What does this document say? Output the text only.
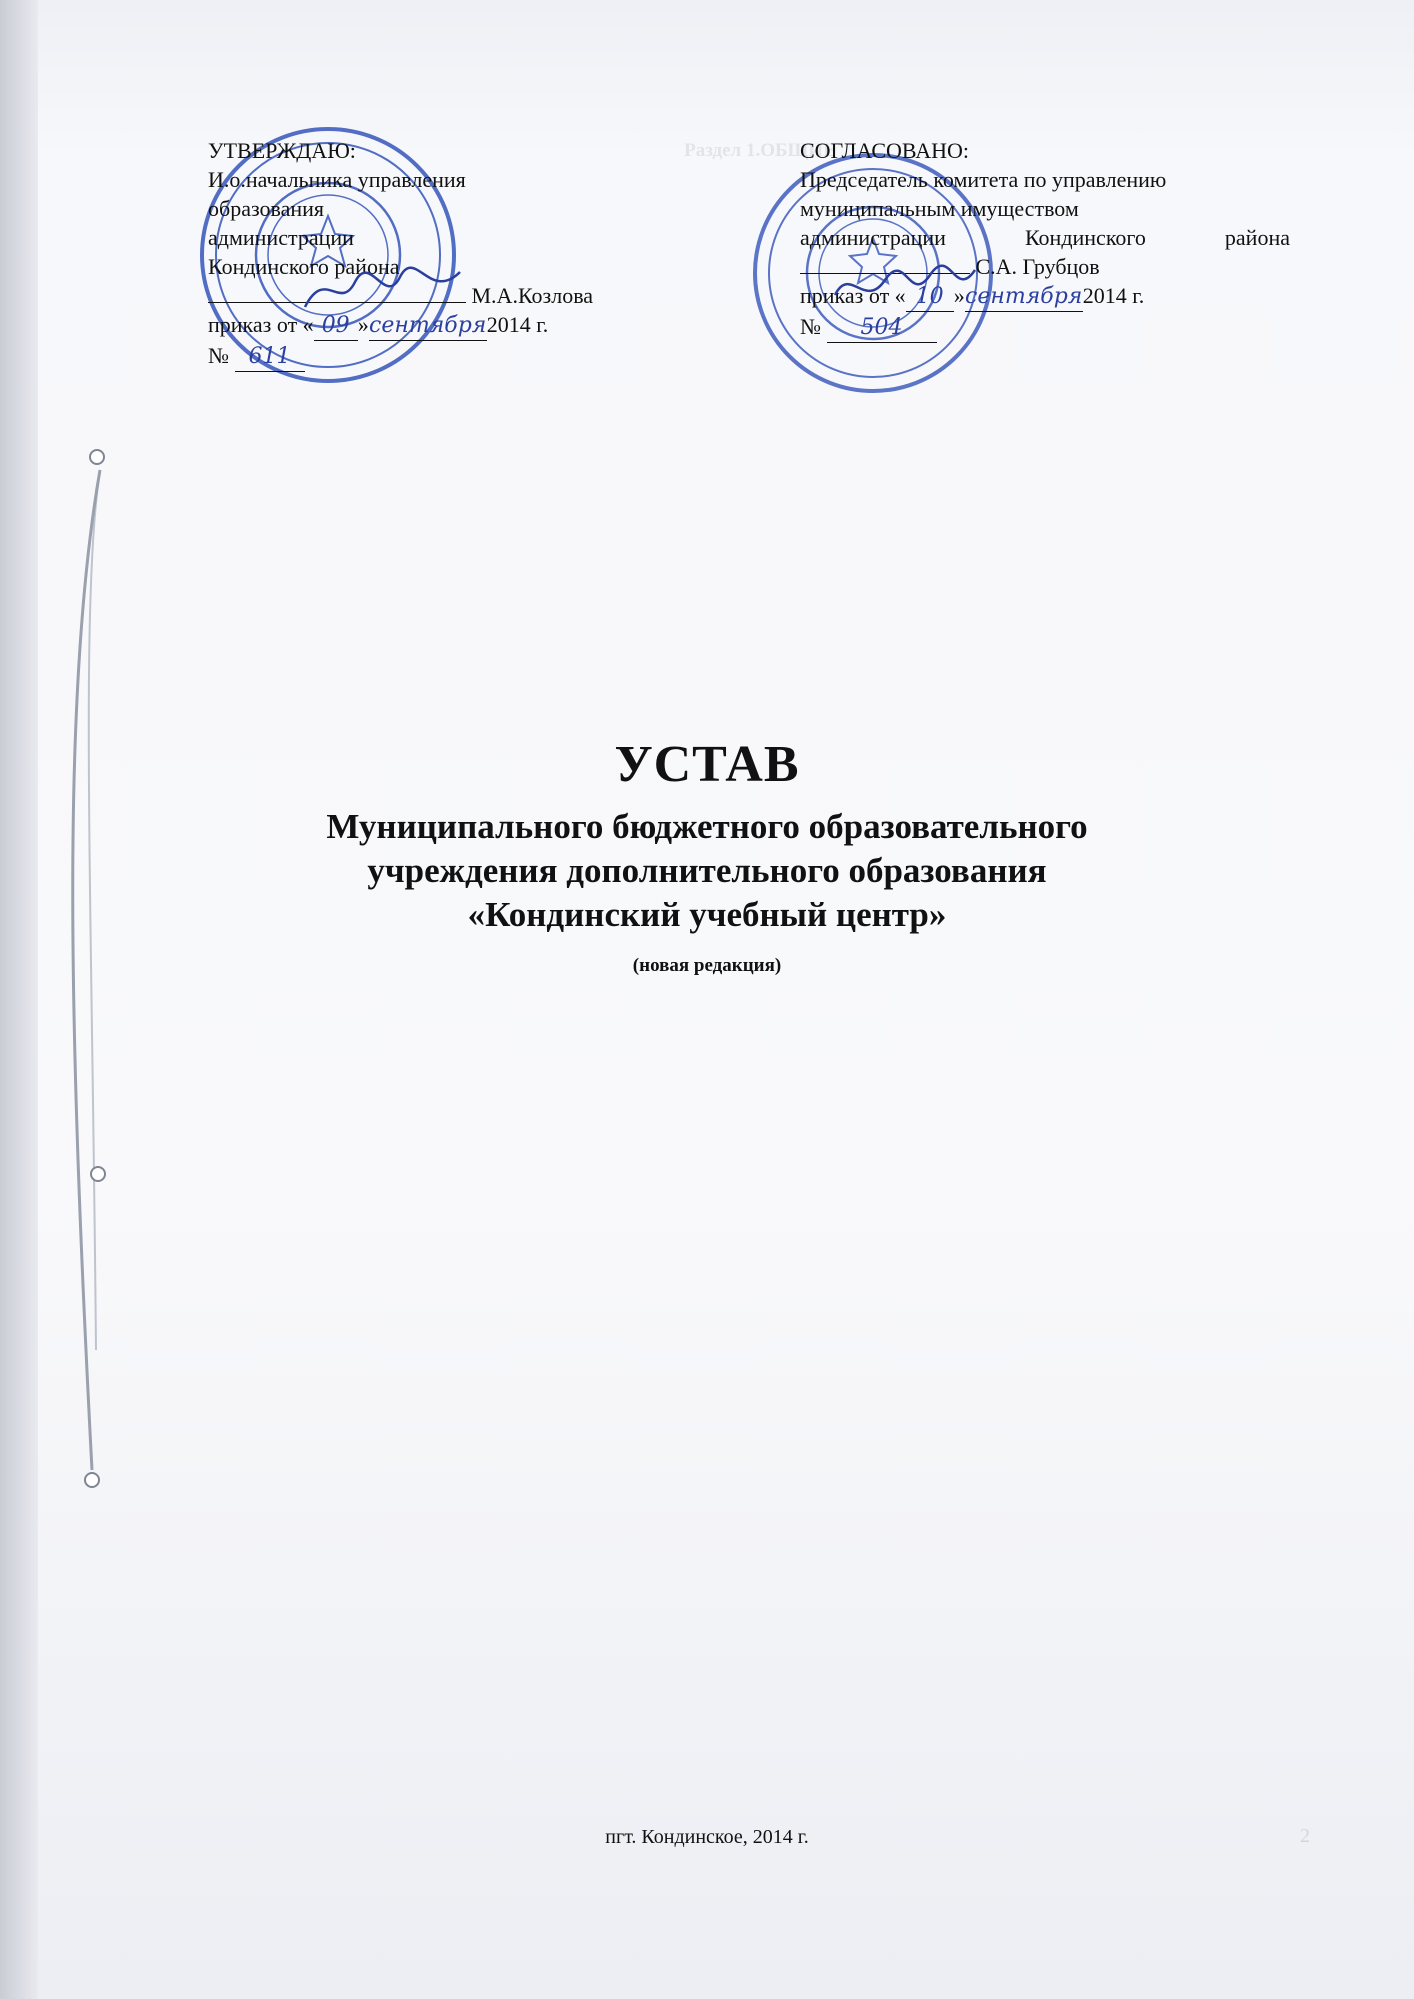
Раздел 1.ОБЩИЕ

2

УТВЕРЖДАЮ:

И.о.начальника управления

образования

администрации

Кондинского района

М.А.Козлова

приказ от « 09 »сентября2014 г.

№ 611

СОГЛАСОВАНО:

Председатель комитета по управлению

муниципальным имуществом

администрации	Кондинского	района

С.А. Грубцов

приказ от « 10 »сентября2014 г.

№ 504

УСТАВ
Муниципального бюджетного образовательного
учреждения дополнительного образования
«Кондинский учебный центр»
(новая редакция)
пгт. Кондинское, 2014 г.
